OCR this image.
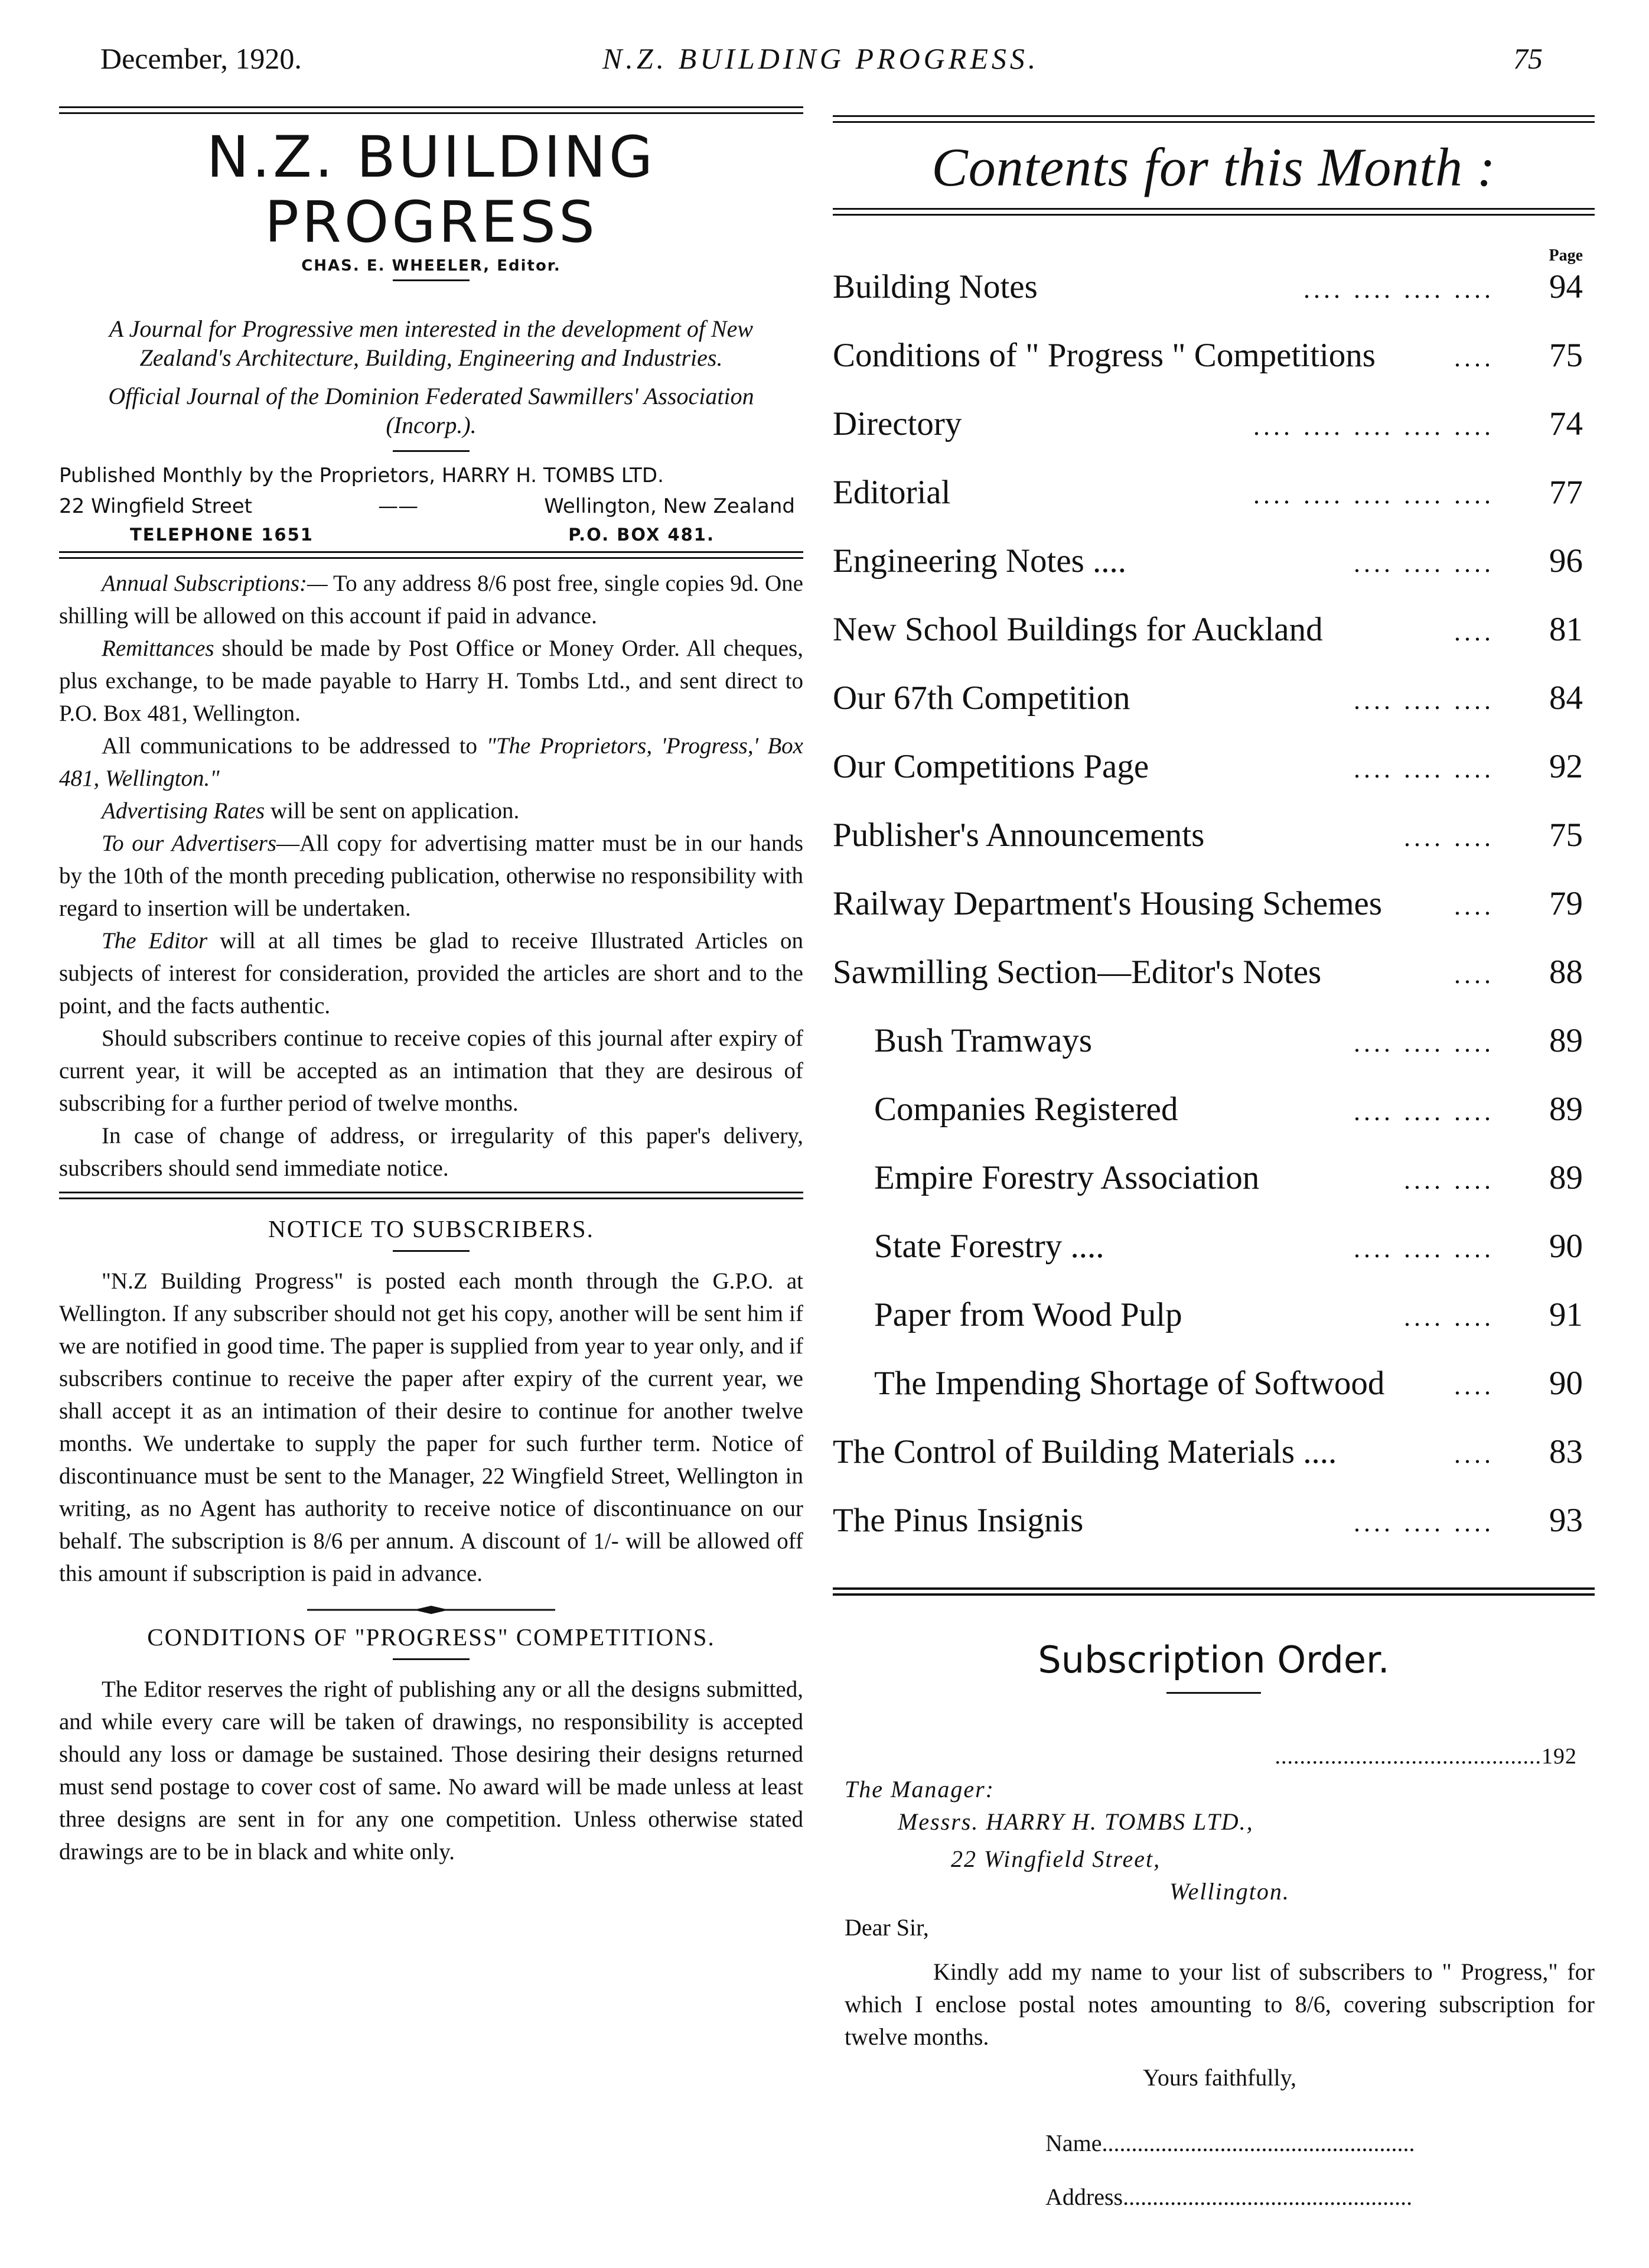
December, 1920.	N.Z. BUILDING PROGRESS.	75
N.Z. BUILDING PROGRESS
CHAS. E. WHEELER, Editor.
A Journal for Progressive men interested in the development of New Zealand's Architecture, Building, Engineering and Industries.
Official Journal of the Dominion Federated Sawmillers' Association (Incorp.).
Published Monthly by the Proprietors, HARRY H. TOMBS LTD.
22 Wingfield Street	——	Wellington, New Zealand
TELEPHONE 1651	P.O. BOX 481.

Annual Subscriptions:— To any address 8/6 post free, single copies 9d. One shilling will be allowed on this account if paid in advance.

Remittances should be made by Post Office or Money Order. All cheques, plus exchange, to be made payable to Harry H. Tombs Ltd., and sent direct to P.O. Box 481, Wellington.

All communications to be addressed to "The Proprietors, 'Progress,' Box 481, Wellington."

Advertising Rates will be sent on application.

To our Advertisers—All copy for advertising matter must be in our hands by the 10th of the month preceding publication, otherwise no responsibility with regard to insertion will be undertaken.

The Editor will at all times be glad to receive Illustrated Articles on subjects of interest for consideration, provided the articles are short and to the point, and the facts authentic.

Should subscribers continue to receive copies of this journal after expiry of current year, it will be accepted as an intimation that they are desirous of subscribing for a further period of twelve months.

In case of change of address, or irregularity of this paper's delivery, subscribers should send immediate notice.

NOTICE TO SUBSCRIBERS.

"N.Z Building Progress" is posted each month through the G.P.O. at Wellington. If any subscriber should not get his copy, another will be sent him if we are notified in good time. The paper is supplied from year to year only, and if subscribers continue to receive the paper after expiry of the current year, we shall accept it as an intimation of their desire to continue for another twelve months. We undertake to supply the paper for such further term. Notice of discontinuance must be sent to the Manager, 22 Wingfield Street, Wellington in writing, as no Agent has authority to receive notice of discontinuance on our behalf. The subscription is 8/6 per annum. A discount of 1/- will be allowed off this amount if subscription is paid in advance.

CONDITIONS OF "PROGRESS" COMPETITIONS.

The Editor reserves the right of publishing any or all the designs submitted, and while every care will be taken of drawings, no responsibility is accepted should any loss or damage be sustained. Those desiring their designs returned must send postage to cover cost of same. No award will be made unless at least three designs are sent in for any one competition. Unless otherwise stated drawings are to be in black and white only.

Contents for this Month :
Page
Building Notes	.... .... .... ....	94
Conditions of " Progress " Competitions	....	75
Directory	.... .... .... .... ....	74
Editorial	.... .... .... .... ....	77
Engineering Notes ....	.... .... ....	96
New School Buildings for Auckland	....	81
Our 67th Competition	.... .... ....	84
Our Competitions Page	.... .... ....	92
Publisher's Announcements	.... ....	75
Railway Department's Housing Schemes	....	79
Sawmilling Section—Editor's Notes	....	88
Bush Tramways	.... .... ....	89
Companies Registered	.... .... ....	89
Empire Forestry Association	.... ....	89
State Forestry ....	.... .... ....	90
Paper from Wood Pulp	.... ....	91
The Impending Shortage of Softwood	....	90
The Control of Building Materials ....	....	83
The Pinus Insignis	.... .... ....	93
Subscription Order.
...........................................192
The Manager:
Messrs. HARRY H. TOMBS LTD.,
22 Wingfield Street,
Wellington.
Dear Sir,
Kindly add my name to your list of subscribers to " Progress," for which I enclose postal notes amounting to 8/6, covering subscription for twelve months.
Yours faithfully,
Name.....................................................
Address.................................................
